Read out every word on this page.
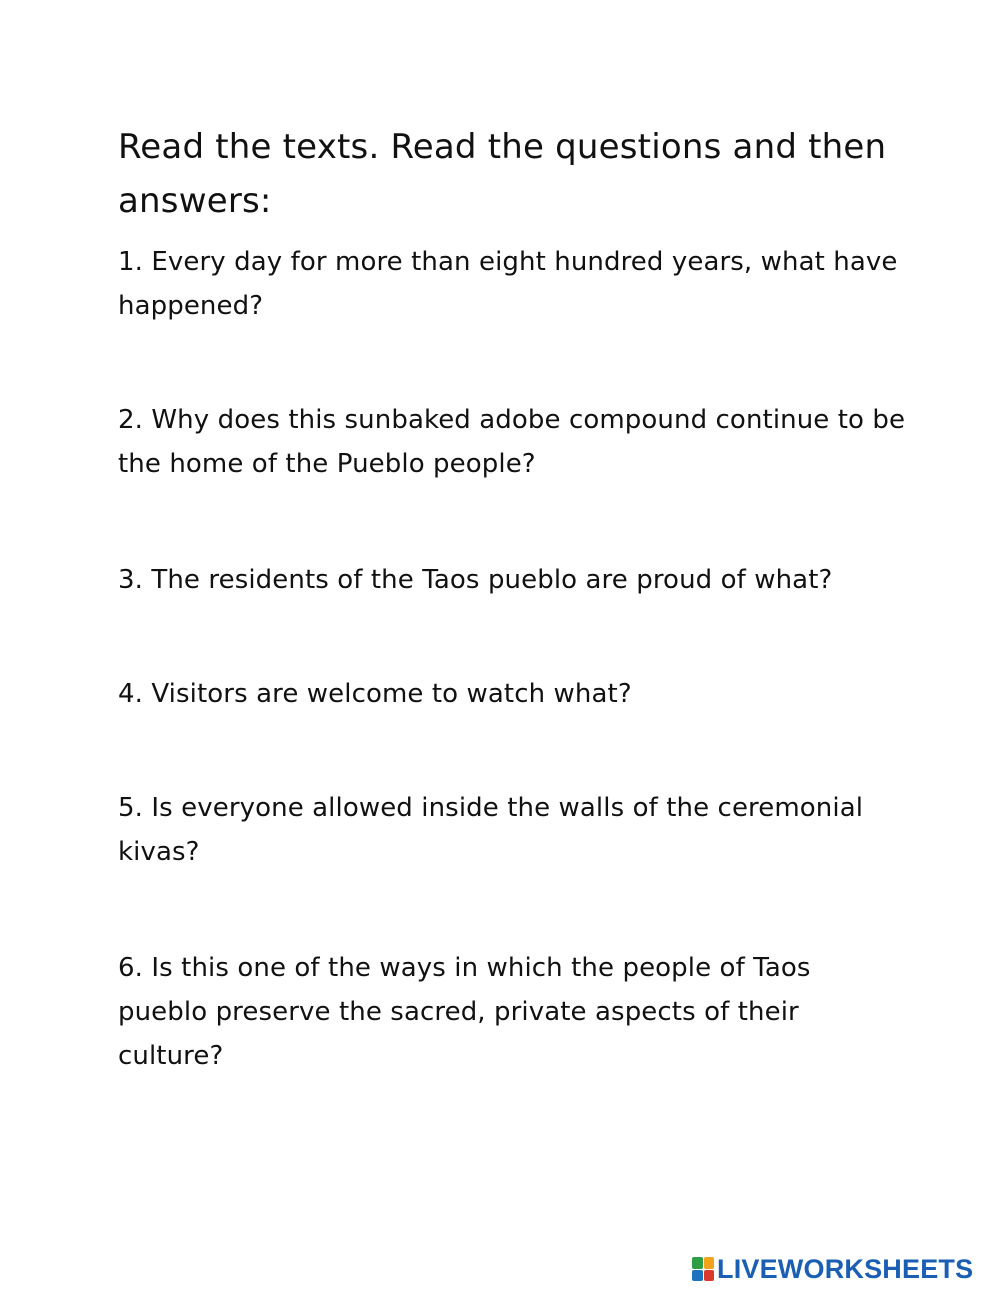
Read the texts. Read the questions and then answers:

1. Every day for more than eight hundred years, what have happened?

2. Why does this sunbaked adobe compound continue to be the home of the Pueblo people?

3. The residents of the Taos pueblo are proud of what?

4. Visitors are welcome to watch what?

5. Is everyone allowed inside the walls of the ceremonial kivas?

6. Is this one of the ways in which the people of Taos pueblo preserve the sacred, private aspects of their culture?

LIVEWORKSHEETS
